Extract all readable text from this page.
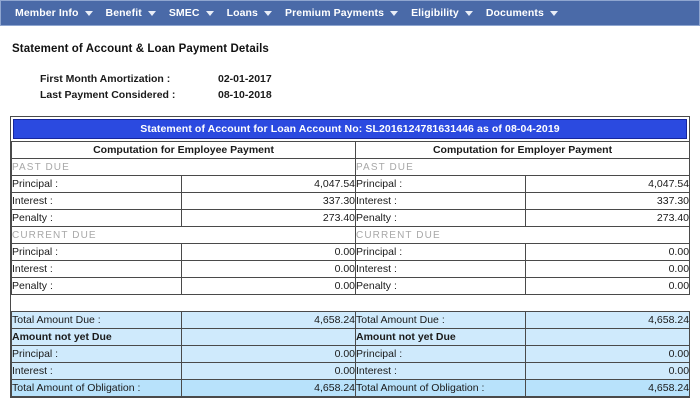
Member Info	Benefit	SMEC	Loans	Premium Payments	Eligibility	Documents
Statement of Account & Loan Payment Details
First Month Amortization :	02-01-2017
Last Payment Considered :	08-10-2018
Statement of Account for Loan Account No: SL2016124781631446 as of 08-04-2019
Computation for Employee Payment		Computation for Employer Payment	
PAST DUE		PAST DUE	
Principal :	4,047.54	Principal :	4,047.54
Interest :	337.30	Interest :	337.30
Penalty :	273.40	Penalty :	273.40
CURRENT DUE		CURRENT DUE	
Principal :	0.00	Principal :	0.00
Interest :	0.00	Interest :	0.00
Penalty :	0.00	Penalty :	0.00

Total Amount Due :	4,658.24	Total Amount Due :	4,658.24
Amount not yet Due		Amount not yet Due	
Principal :	0.00	Principal :	0.00
Interest :	0.00	Interest :	0.00
Total Amount of Obligation :	4,658.24	Total Amount of Obligation :	4,658.24
